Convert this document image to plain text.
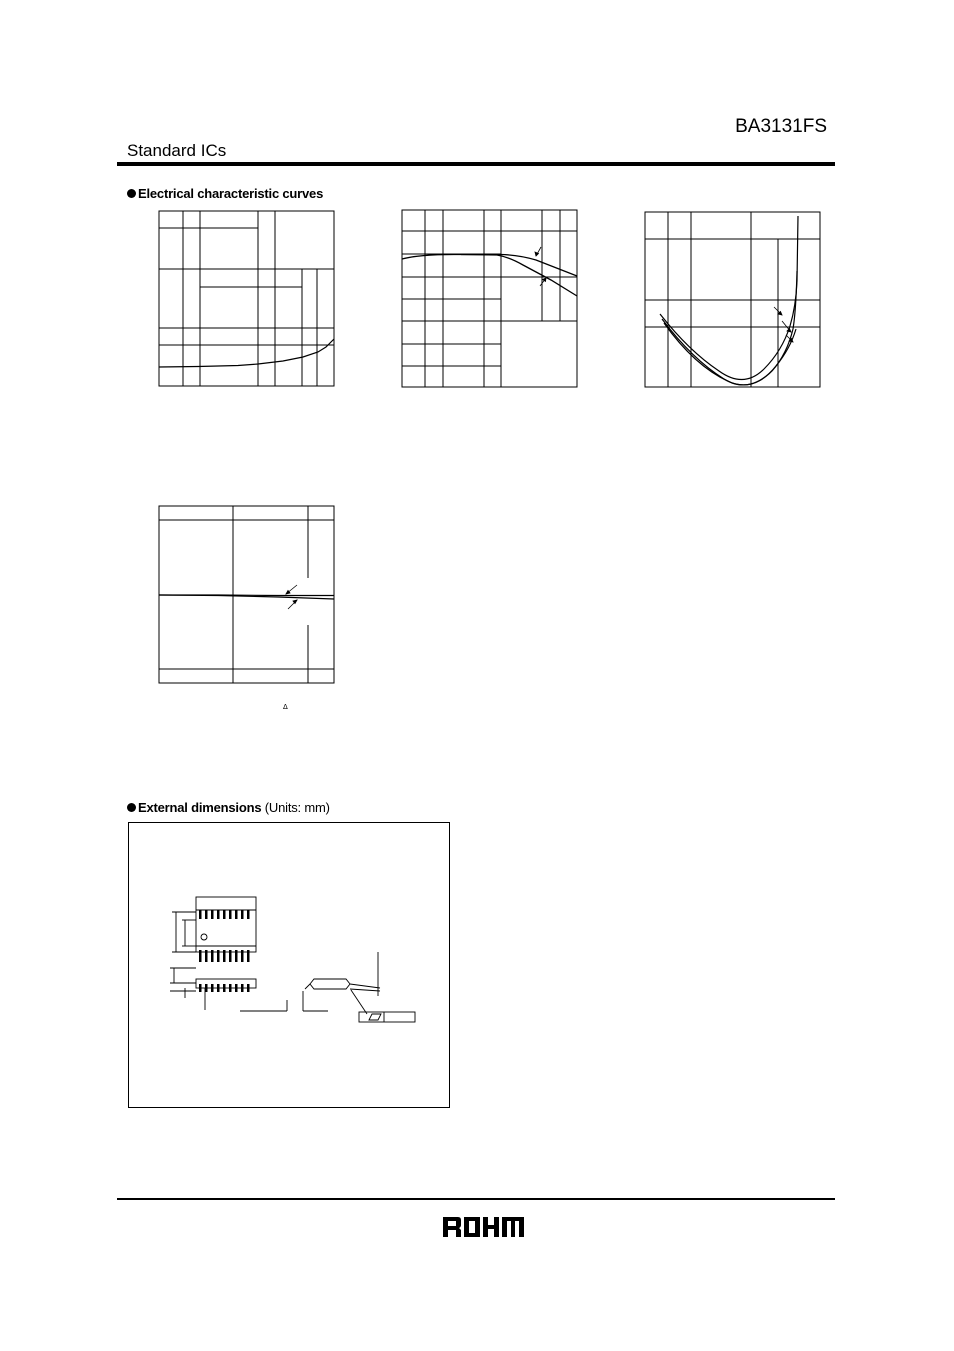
BA3131FS
Standard ICs
Electrical characteristic curves
Δ
External dimensions (Units: mm)
